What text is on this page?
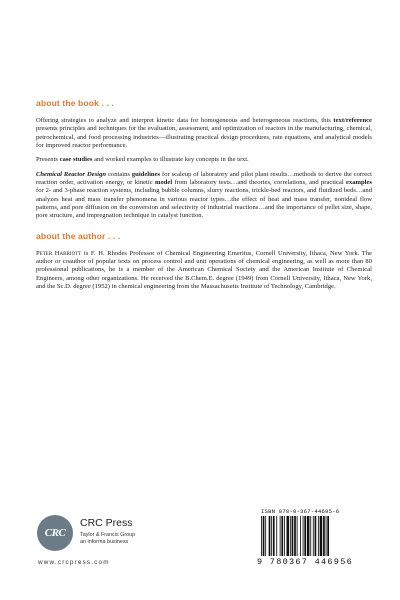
about the book . . .

Offering strategies to analyze and interpret kinetic data for homogeneous and heterogeneous reactions, this text/reference presents principles and techniques for the evaluation, assessment, and optimization of reactors in the manufacturing, chemical, petrochemical, and food processing industries—illustrating practical design procedures, rate equations, and analytical models for improved reactor performance.

Presents case studies and worked examples to illustrate key concepts in the text.

Chemical Reactor Design contains guidelines for scaleup of laboratory and pilot plant results…methods to derive the correct reaction order, activation energy, or kinetic model from laboratory tests…and theories, correlations, and practical examples for 2- and 3-phase reaction systems, including bubble columns, slurry reactions, trickle-bed reactors, and fluidized beds…and analyzes heat and mass transfer phenomena in various reactor types…the effect of heat and mass transfer, nonideal flow patterns, and pore diffusion on the conversion and selectivity of industrial reactions…and the importance of pellet size, shape, pore structure, and impregnation technique in catalyst function.

about the author . . .

Peter Harriott is F. H. Rhodes Professor of Chemical Engineering Emeritus, Cornell University, Ithaca, New York. The author or coauthor of popular texts on process control and unit operations of chemical engineering, as well as more than 80 professional publications, he is a member of the American Chemical Society and the American Institute of Chemical Engineers, among other organizations. He received the B.Chem.E. degree (1949) from Cornell University, Ithaca, New York, and the Sc.D. degree (1952) in chemical engineering from the Massachusetts Institute of Technology, Cambridge.

CRC
CRC Press
Taylor & Francis Group
an informa business
www.crcpress.com
ISBN 978-0-367-44695-6
9 780367 446956
